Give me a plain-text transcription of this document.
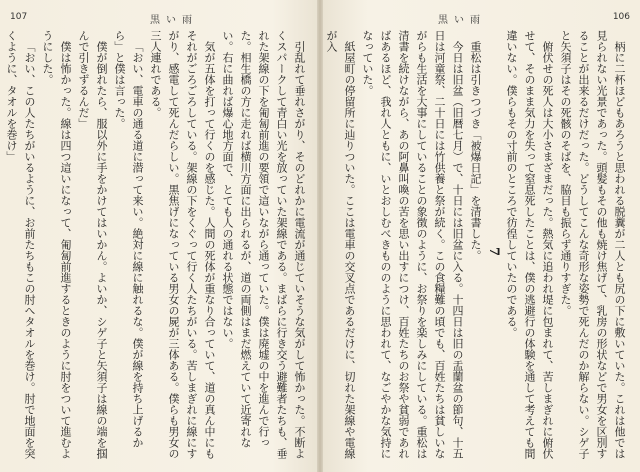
107	黒い雨

引乱れて垂れさがり、そのどれかに電流が通じていそうな気がして怖かった。不断よくスパークして青白い光を放っていた架線である。まばらに行き交う避難者たちも、垂れた架線の下を匍匐前進の要領で這いながら通っていた。僕は廃墟の中を進んで行った。相生橋の方に走れば横川方面に出られるが、道の両側はまだ燃えていて近寄れない。右に曲れば爆心地方面で、とても人の通れる状態ではない。

気が五体を打って行くのを感じた。人間の死体が重なり合っていて、道の真ん中にもそれがごろごろしている。架線の下をくぐって行く人たちがいる。苦しまぎれに線にすがり、感電して死んだらしい。黒焦げになっている男女の屍が三体ある。僕らも男女の三人連れである。

「おい、電車の通る道に潜って来い。絶対に線に触れるな。僕が線を持ち上げるから」と僕は言った。

僕が倒れたら、服以外に手をかけてはいかん。よいか、シゲ子と矢須子は線の端を掴んで引きずるんだ」

僕は怖かった。線は四つ這いになって、匍匐前進するときのように肘をついて進むようにした。

「おい、この人たちがいるように、お前たちもこの肘へタオルを巻け。肘で地面を突くように、タオルを巻け」

106
黒い雨

柄に二杯ほどもあろうと思われる脱糞が二人とも尻の下に敷いていた。これは他では見られない光景であった。頭髪もその他も焼け焦げて、乳房の形状などで男女を区別することが出来るだけだった。どうしてこんな奇形な姿勢で死んだのか解らない。シゲ子と矢須子はその死骸のそばを、脇目も振らず通りすぎた。

俯伏せの死人は大小さまざまだった。熱気に追われ堤に包まれて、苦しまぎれに俯伏せて、そのまま気力を失って窒息死したことは、僕の逃避行の体験を通して考えても間違いない。僕らもその寸前のところで彷徨していたのである。

7

重松は引きつづき「被爆日記」を清書した。

今日は旧盆（旧暦七月）で、十日には旧盆に入る。十四日は旧の盂蘭盆の節句、十五日は河童祭、二十日には竹供養と祭が続く。この食糧難の頃でも、百姓たちは貧しいながらも生活を大事にしていることの象徴のように、お祭りを楽しみにしている。重松は清書を続けながら、あの阿鼻叫喚の苦を思い出すにつけ、百姓たちのお祭や貧弱であればあるほど、我れ人ともに、いとおしむべきもののように思われて、なごやかな気持になっていた。

紙屋町の停留所に辿りついた。ここは電車の交叉点であるだけに、切れた架線や電線が入
